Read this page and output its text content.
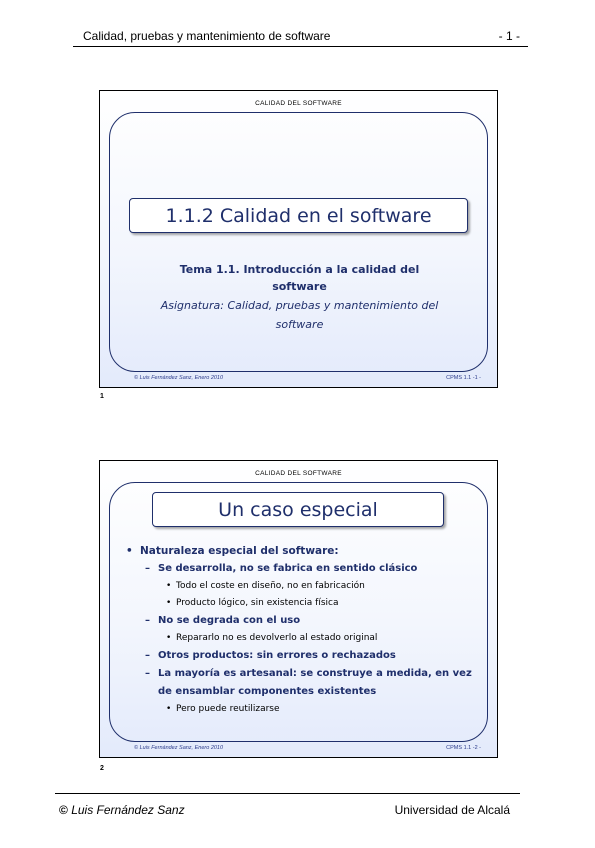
Calidad, pruebas y mantenimiento de software	- 1 -
CALIDAD DEL SOFTWARE
1.1.2 Calidad en el software
Tema 1.1. Introducción a la calidad del software
Asignatura: Calidad, pruebas y mantenimiento del software
© Luis Fernández Sanz, Enero 2010	CPMS 1.1 -1 -
1
CALIDAD DEL SOFTWARE
Un caso especial
• Naturaleza especial del software:
– Se desarrolla, no se fabrica en sentido clásico
• Todo el coste en diseño, no en fabricación
• Producto lógico, sin existencia física
– No se degrada con el uso
• Repararlo no es devolverlo al estado original
– Otros productos: sin errores o rechazados
– La mayoría es artesanal: se construye a medida, en vez de ensamblar componentes existentes
• Pero puede reutilizarse
© Luis Fernández Sanz, Enero 2010	CPMS 1.1 -2 -
2
© Luis Fernández Sanz	Universidad de Alcalá
